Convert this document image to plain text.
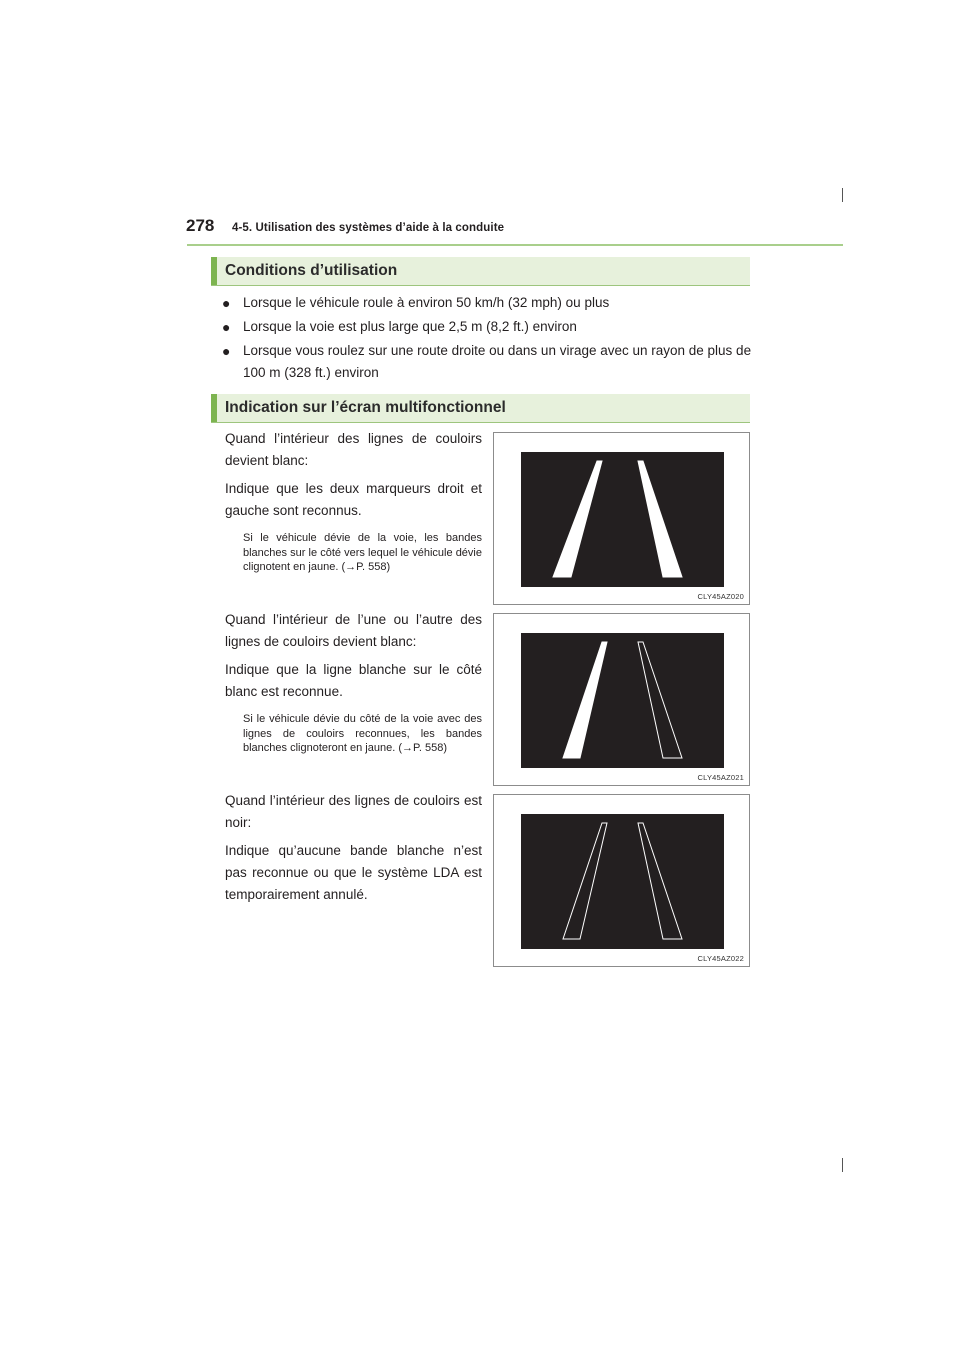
278 4-5. Utilisation des systèmes d’aide à la conduite
Conditions d’utilisation
● Lorsque le véhicule roule à environ 50 km/h (32 mph) ou plus
● Lorsque la voie est plus large que 2,5 m (8,2 ft.) environ
● Lorsque vous roulez sur une route droite ou dans un virage avec un rayon de plus de 100 m (328 ft.) environ
Indication sur l’écran multifonctionnel
Quand l’intérieur des lignes de couloirs devient blanc:
Indique que les deux marqueurs droit et gauche sont reconnus.
Si le véhicule dévie de la voie, les bandes blanches sur le côté vers lequel le véhicule dévie clignotent en jaune. (→P. 558)
CLY45AZ020
Quand l’intérieur de l’une ou l’autre des lignes de couloirs devient blanc:
Indique que la ligne blanche sur le côté blanc est reconnue.
Si le véhicule dévie du côté de la voie avec des lignes de couloirs reconnues, les bandes blanches clignoteront en jaune. (→P. 558)
CLY45AZ021
Quand l’intérieur des lignes de couloirs est noir:
Indique qu’aucune bande blanche n’est pas reconnue ou que le système LDA est temporairement annulé.
CLY45AZ022
